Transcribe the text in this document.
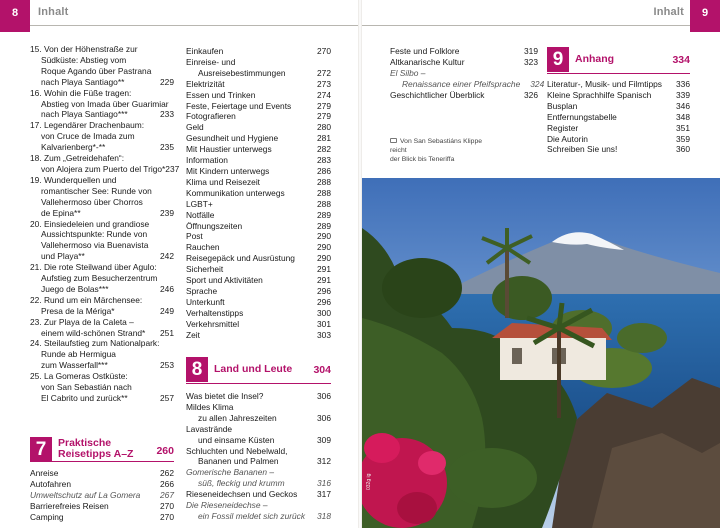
8	Inhalt	Inhalt	9
15. Von der Höhenstraße zur
Südküste: Abstieg vom
Roque Agando über Pastrana
nach Playa Santiago**	229
16. Wohin die Füße tragen:
Abstieg von Imada über Guarimiar
nach Playa Santiago***	233
17. Legendärer Drachenbaum:
von Cruce de Imada zum
Kalvarienberg*-**	235
18. Zum „Getreidehafen“:
von Alojera zum Puerto del Trigo* 237
19. Wunderquellen und
romantischer See: Runde von
Vallehermoso über Chorros
de Epina**	239
20. Einsiedeleien und grandiose
Aussichtspunkte: Runde von
Vallehermoso via Buenavista
und Playa**	242
21. Die rote Steilwand über Agulo:
Aufstieg zum Besucherzentrum
Juego de Bolas***	246
22. Rund um ein Märchensee:
Presa de la Mériga*	249
23. Zur Playa de la Caleta –
einem wild-schönen Strand* 251
24. Steilaufstieg zum Nationalpark:
Runde ab Hermigua
zum Wasserfall***	253
25. La Gomeras Ostküste:
von San Sebastián nach
El Cabrito und zurück**	257
7	Praktische
Reisetipps A–Z 260
Anreise	262
Autofahren	266
Umweltschutz auf La Gomera	267
Barrierefreies Reisen	270
Camping	270
Einkaufen	270
Einreise- und
Ausreisebestimmungen	272
Elektrizität	273
Essen und Trinken	274
Feste, Feiertage und Events	279
Fotografieren	279
Geld	280
Gesundheit und Hygiene	281
Mit Haustier unterwegs	282
Information	283
Mit Kindern unterwegs	286
Klima und Reisezeit	288
Kommunikation unterwegs	288
LGBT+	288
Notfälle	289
Öffnungszeiten	289
Post	290
Rauchen	290
Reisegepäck und Ausrüstung	290
Sicherheit	291
Sport und Aktivitäten	291
Sprache	296
Unterkunft	296
Verhaltenstipps	300
Verkehrsmittel	301
Zeit	303
8	Land und Leute 304
Was bietet die Insel?	306
Mildes Klima
zu allen Jahreszeiten	306
Lavastrände
und einsame Küsten	309
Schluchten und Nebelwald,
Bananen und Palmen	312
Gomerische Bananen –
süß, fleckig und krumm	316
Rieseneidechsen und Geckos	317
Die Rieseneidechse –
ein Fossil meldet sich zurück	318
Feste und Folklore	319
Altkanarische Kultur	323
El Silbo –
Renaissance einer Pfeifsprache	324
Geschichtlicher Überblick	326
Von San Sebastiáns Klippe reicht
der Blick bis Teneriffa
9	Anhang	334
Literatur-, Musik- und Filmtipps	336
Kleine Sprachhilfe Spanisch	339
Busplan	346
Entfernungstabelle	348
Register	351
Die Autorin	359
Schreiben Sie uns!	360
032g ig
